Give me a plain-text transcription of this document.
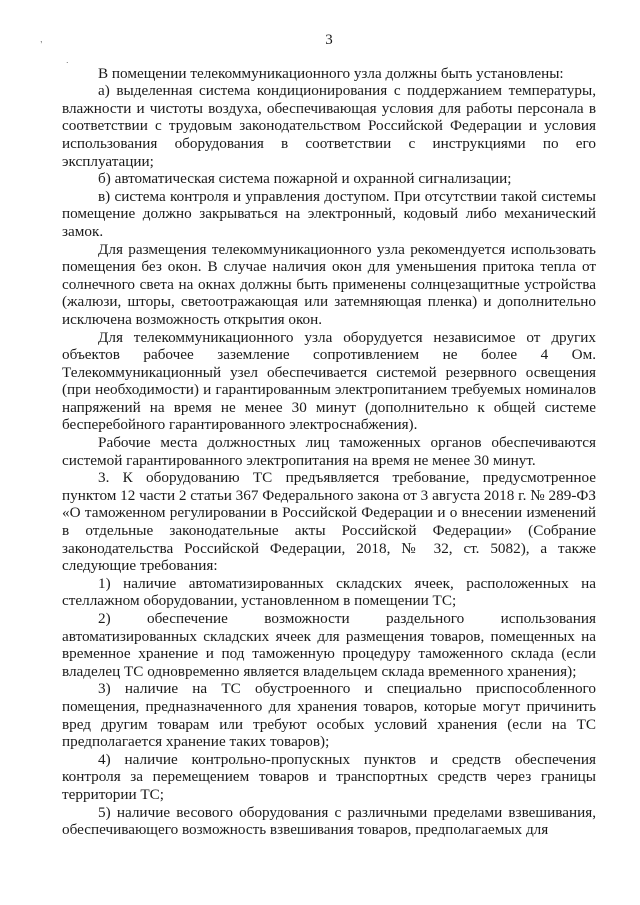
,
.
3

В помещении телекоммуникационного узла должны быть установлены:

а) выделенная система кондиционирования с поддержанием температуры, влажности и чистоты воздуха, обеспечивающая условия для работы персонала в соответствии с трудовым законодательством Российской Федерации и условия использования оборудования в соответствии с инструкциями по его эксплуатации;

б) автоматическая система пожарной и охранной сигнализации;

в) система контроля и управления доступом. При отсутствии такой системы помещение должно закрываться на электронный, кодовый либо механический замок.

Для размещения телекоммуникационного узла рекомендуется использовать помещения без окон. В случае наличия окон для уменьшения притока тепла от солнечного света на окнах должны быть применены солнцезащитные устройства (жалюзи, шторы, светоотражающая или затемняющая пленка) и дополнительно исключена возможность открытия окон.

Для телекоммуникационного узла оборудуется независимое от других объектов рабочее заземление сопротивлением не более 4 Ом. Телекоммуникационный узел обеспечивается системой резервного освещения (при необходимости) и гарантированным электропитанием требуемых номиналов напряжений на время не менее 30 минут (дополнительно к общей системе бесперебойного гарантированного электроснабжения).

Рабочие места должностных лиц таможенных органов обеспечиваются системой гарантированного электропитания на время не менее 30 минут.

3. К оборудованию ТС предъявляется требование, предусмотренное пунктом 12 части 2 статьи 367 Федерального закона от 3 августа 2018 г. № 289-ФЗ «О таможенном регулировании в Российской Федерации и о внесении изменений в отдельные законодательные акты Российской Федерации» (Собрание законодательства Российской Федерации, 2018, № 32, ст. 5082), а также следующие требования:

1) наличие автоматизированных складских ячеек, расположенных на стеллажном оборудовании, установленном в помещении ТС;

2) обеспечение возможности раздельного использования автоматизированных складских ячеек для размещения товаров, помещенных на временное хранение и под таможенную процедуру таможенного склада (если владелец ТС одновременно является владельцем склада временного хранения);

3) наличие на ТС обустроенного и специально приспособленного помещения, предназначенного для хранения товаров, которые могут причинить вред другим товарам или требуют особых условий хранения (если на ТС предполагается хранение таких товаров);

4) наличие контрольно-пропускных пунктов и средств обеспечения контроля за перемещением товаров и транспортных средств через границы территории ТС;

5) наличие весового оборудования с различными пределами взвешивания, обеспечивающего возможность взвешивания товаров, предполагаемых для
